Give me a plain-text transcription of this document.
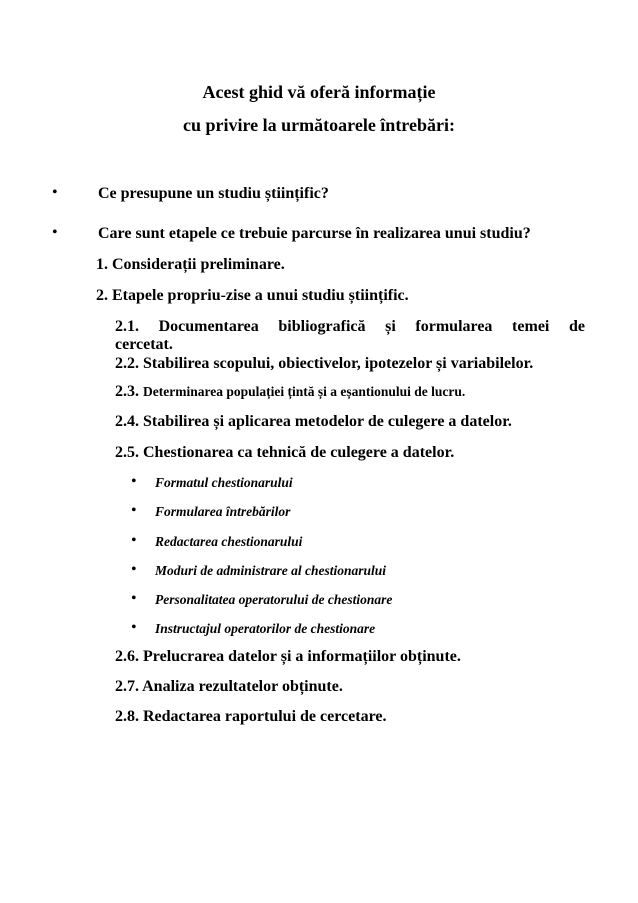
Acest ghid vă oferă informație
cu privire la următoarele întrebări:
•	Ce presupune un studiu științific?
•	Care sunt etapele ce trebuie parcurse în realizarea unui studiu?
1. Considerații preliminare.
2. Etapele propriu-zise a unui studiu științific.
2.1. Documentarea bibliografică și formularea temei de
cercetat.
2.2. Stabilirea scopului, obiectivelor, ipotezelor și variabilelor.
2.3. Determinarea populației țintă și a eșantionului de lucru.
2.4. Stabilirea și aplicarea metodelor de culegere a datelor.
2.5. Chestionarea ca tehnică de culegere a datelor.
• Formatul chestionarului
• Formularea întrebărilor
• Redactarea chestionarului
• Moduri de administrare al chestionarului
• Personalitatea operatorului de chestionare
• Instructajul operatorilor de chestionare
2.6. Prelucrarea datelor și a informațiilor obținute.
2.7. Analiza rezultatelor obținute.
2.8. Redactarea raportului de cercetare.
